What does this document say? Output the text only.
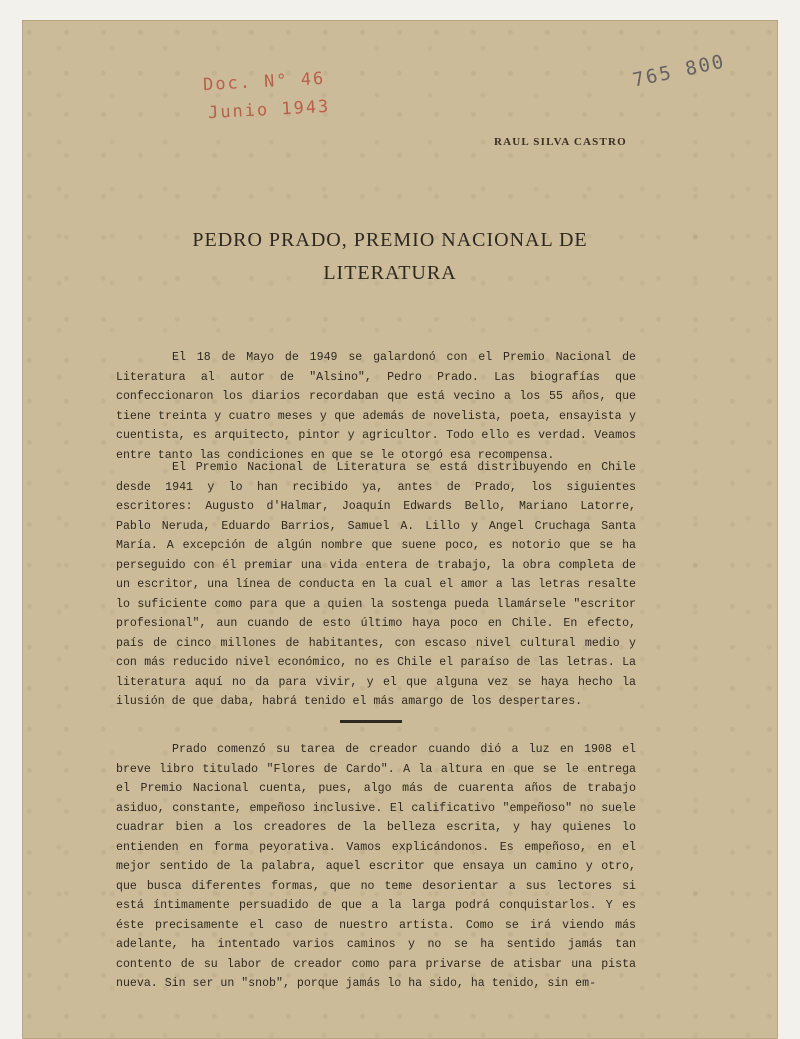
Doc. N° 46
Junio 1943
765 800
RAUL SILVA CASTRO
PEDRO PRADO, PREMIO NACIONAL DE LITERATURA

El 18 de Mayo de 1949 se galardonó con el Premio Nacional de Literatura al autor de "Alsino", Pedro Prado. Las biografías que confeccionaron los diarios recordaban que está vecino a los 55 años, que tiene treinta y cuatro meses y que además de novelista, poeta, ensayista y cuentista, es arquitecto, pintor y agricultor. Todo ello es verdad. Veamos entre tanto las condiciones en que se le otorgó esa recompensa.

El Premio Nacional de Literatura se está distribuyendo en Chile desde 1941 y lo han recibido ya, antes de Prado, los siguientes escritores: Augusto d'Halmar, Joaquín Edwards Bello, Mariano Latorre, Pablo Neruda, Eduardo Barrios, Samuel A. Lillo y Angel Cruchaga Santa María. A excepción de algún nombre que suene poco, es notorio que se ha perseguido con él premiar una vida entera de trabajo, la obra completa de un escritor, una línea de conducta en la cual el amor a las letras resalte lo suficiente como para que a quien la sostenga pueda llamársele "escritor profesional", aun cuando de esto último haya poco en Chile. En efecto, país de cinco millones de habitantes, con escaso nivel cultural medio y con más reducido nivel económico, no es Chile el paraíso de las letras. La literatura aquí no da para vivir, y el que alguna vez se haya hecho la ilusión de que daba, habrá tenido el más amargo de los despertares.

Prado comenzó su tarea de creador cuando dió a luz en 1908 el breve libro titulado "Flores de Cardo". A la altura en que se le entrega el Premio Nacional cuenta, pues, algo más de cuarenta años de trabajo asiduo, constante, empeñoso inclusive. El calificativo "empeñoso" no suele cuadrar bien a los creadores de la belleza escrita, y hay quienes lo entienden en forma peyorativa. Vamos explicándonos. Es empeñoso, en el mejor sentido de la palabra, aquel escritor que ensaya un camino y otro, que busca diferentes formas, que no teme desorientar a sus lectores si está íntimamente persuadido de que a la larga podrá conquistarlos. Y es éste precisamente el caso de nuestro artista. Como se irá viendo más adelante, ha intentado varios caminos y no se ha sentido jamás tan contento de su labor de creador como para privarse de atisbar una pista nueva. Sin ser un "snob", porque jamás lo ha sido, ha tenido, sin em-
